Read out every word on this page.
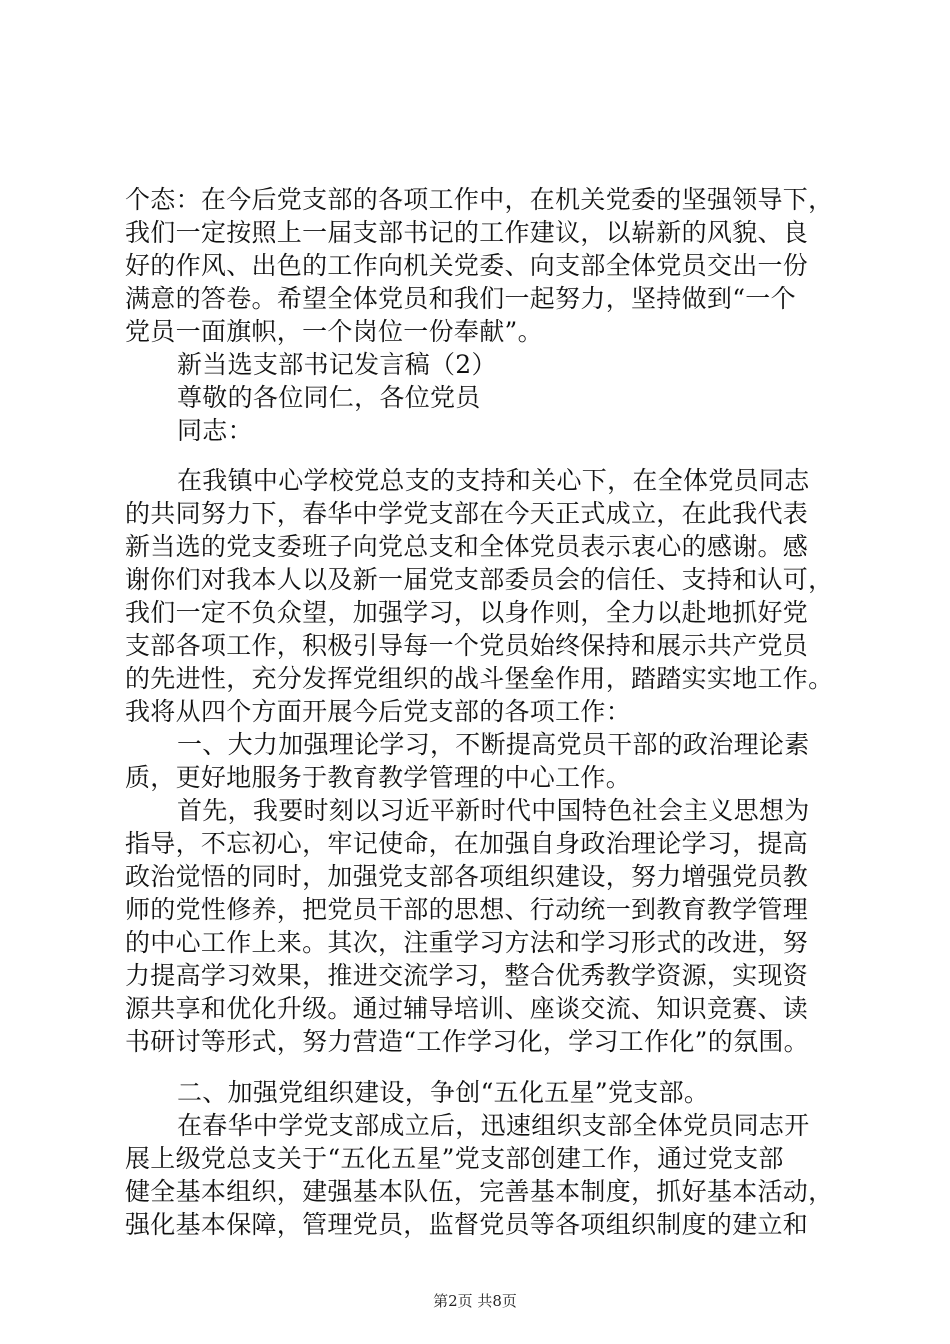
个态：在今后党支部的各项工作中，在机关党委的坚强领导下，
我们一定按照上一届支部书记的工作建议，以崭新的风貌、良
好的作风、出色的工作向机关党委、向支部全体党员交出一份
满意的答卷。希望全体党员和我们一起努力，坚持做到“一个
党员一面旗帜，一个岗位一份奉献”。
新当选支部书记发言稿（2）
尊敬的各位同仁，各位党员
同志：
在我镇中心学校党总支的支持和关心下，在全体党员同志
的共同努力下，春华中学党支部在今天正式成立，在此我代表
新当选的党支委班子向党总支和全体党员表示衷心的感谢。感
谢你们对我本人以及新一届党支部委员会的信任、支持和认可，
我们一定不负众望，加强学习，以身作则，全力以赴地抓好党
支部各项工作，积极引导每一个党员始终保持和展示共产党员
的先进性，充分发挥党组织的战斗堡垒作用，踏踏实实地工作。
我将从四个方面开展今后党支部的各项工作：
一、大力加强理论学习，不断提高党员干部的政治理论素
质，更好地服务于教育教学管理的中心工作。
首先，我要时刻以习近平新时代中国特色社会主义思想为
指导，不忘初心，牢记使命，在加强自身政治理论学习，提高
政治觉悟的同时，加强党支部各项组织建设，努力增强党员教
师的党性修养，把党员干部的思想、行动统一到教育教学管理
的中心工作上来。其次，注重学习方法和学习形式的改进，努
力提高学习效果，推进交流学习，整合优秀教学资源，实现资
源共享和优化升级。通过辅导培训、座谈交流、知识竞赛、读
书研讨等形式，努力营造“工作学习化，学习工作化”的氛围。
二、加强党组织建设，争创“五化五星”党支部。
在春华中学党支部成立后，迅速组织支部全体党员同志开
展上级党总支关于“五化五星”党支部创建工作，通过党支部
健全基本组织，建强基本队伍，完善基本制度，抓好基本活动，
强化基本保障，管理党员，监督党员等各项组织制度的建立和
第2页 共8页
